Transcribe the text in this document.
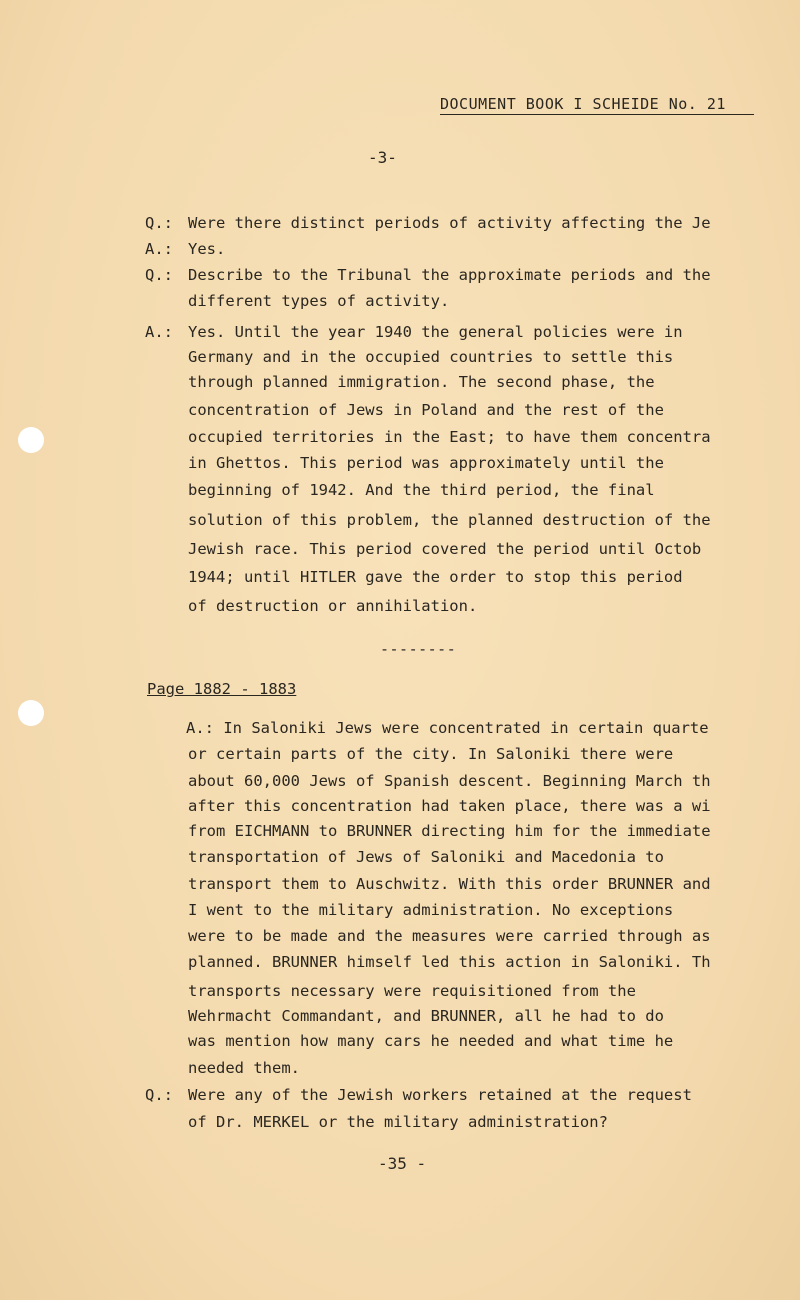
DOCUMENT BOOK I SCHEIDE No. 21
-3-
Q.: Were there distinct periods of activity affecting the Je
A.: Yes.
Q.: Describe to the Tribunal the approximate periods and the
different types of activity.
A.: Yes. Until the year 1940 the general policies were in
Germany and in the occupied countries to settle this
through planned immigration. The second phase, the
concentration of Jews in Poland and the rest of the
occupied territories in the East; to have them concentra
in Ghettos. This period was approximately until the
beginning of 1942. And the third period, the final
solution of this problem, the planned destruction of the
Jewish race. This period covered the period until Octob
1944; until HITLER gave the order to stop this period
of destruction or annihilation.
--------
Page 1882 - 1883
A.: In Saloniki Jews were concentrated in certain quarte
or certain parts of the city. In Saloniki there were
about 60,000 Jews of Spanish descent. Beginning March th
after this concentration had taken place, there was a wi
from EICHMANN to BRUNNER directing him for the immediate
transportation of Jews of Saloniki and Macedonia to
transport them to Auschwitz. With this order BRUNNER and
I went to the military administration. No exceptions
were to be made and the measures were carried through as
planned. BRUNNER himself led this action in Saloniki. Th
transports necessary were requisitioned from the
Wehrmacht Commandant, and BRUNNER, all he had to do
was mention how many cars he needed and what time he
needed them.
Q.: Were any of the Jewish workers retained at the request
of Dr. MERKEL or the military administration?
-35 -
